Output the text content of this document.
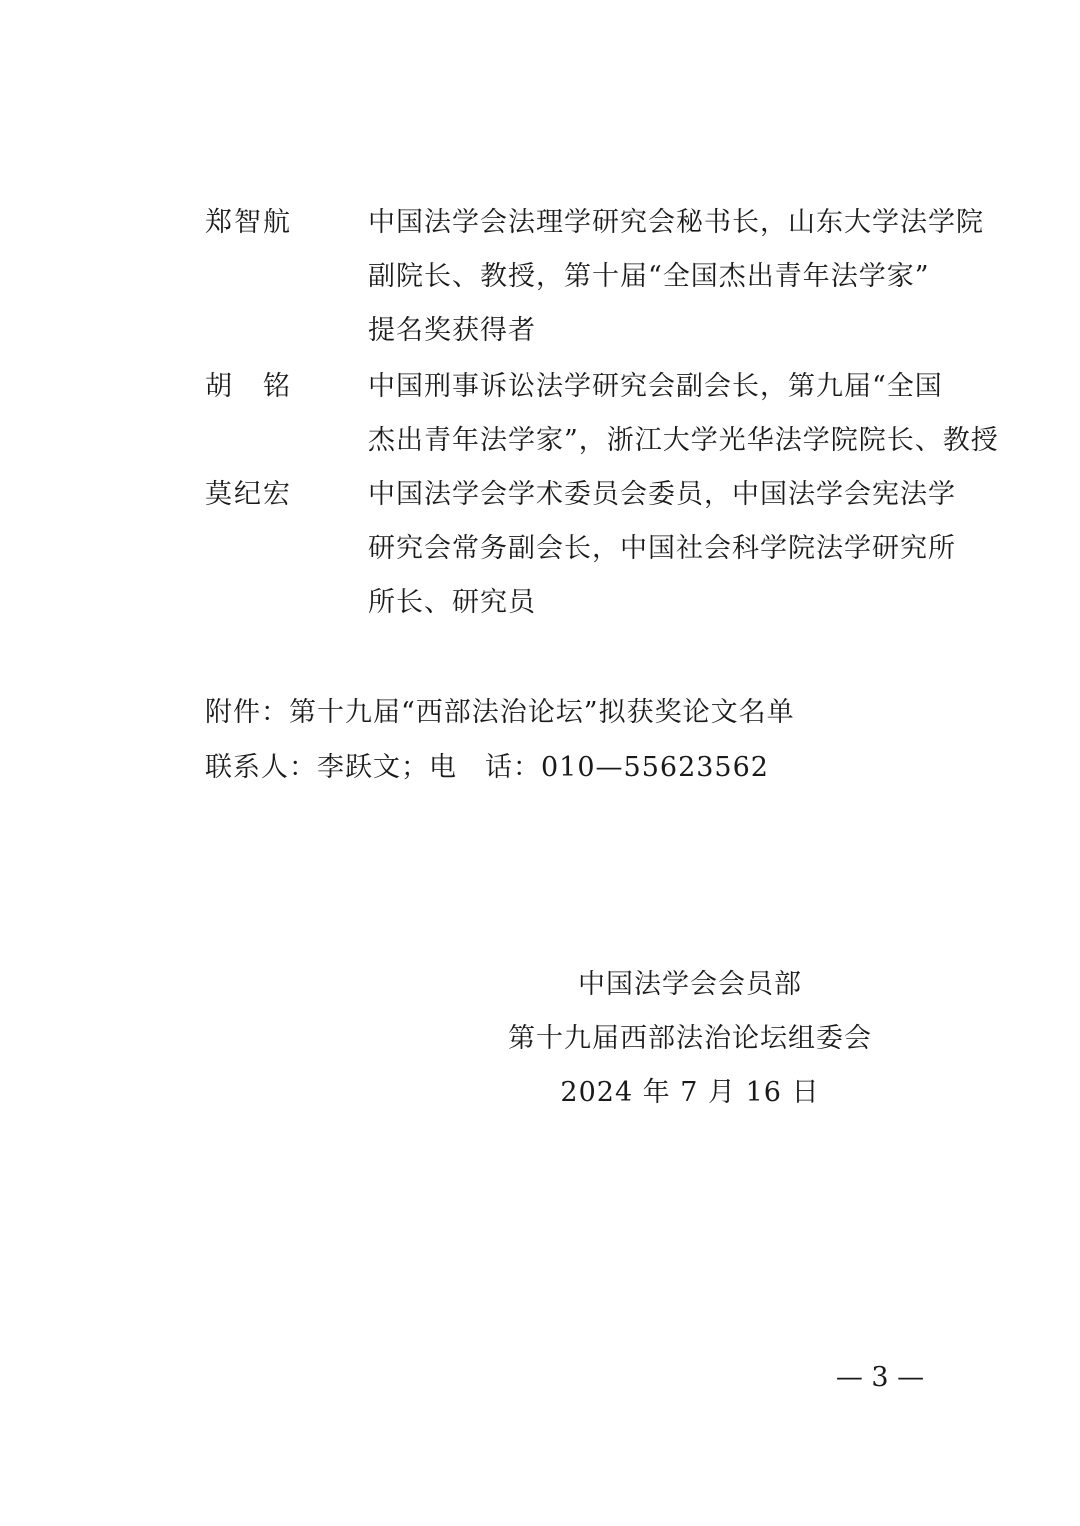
郑智航	中国法学会法理学研究会秘书长，山东大学法学院
副院长、教授，第十届“全国杰出青年法学家”
提名奖获得者
胡　铭	中国刑事诉讼法学研究会副会长，第九届“全国
杰出青年法学家”，浙江大学光华法学院院长、教授
莫纪宏	中国法学会学术委员会委员，中国法学会宪法学
研究会常务副会长，中国社会科学院法学研究所
所长、研究员
附件：第十九届“西部法治论坛”拟获奖论文名单
联系人：李跃文；电　话：010—55623562
中国法学会会员部
第十九届西部法治论坛组委会
2024 年 7 月 16 日
— 3 —
